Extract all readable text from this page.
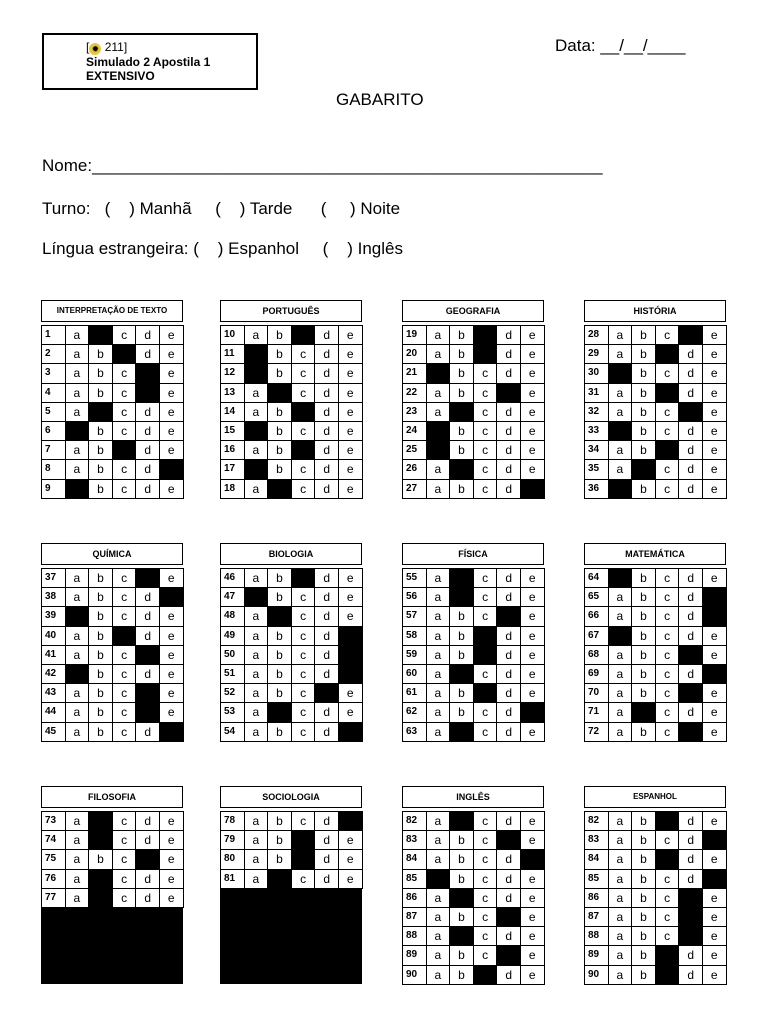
[ ✹ 211]
Simulado 2 Apostila 1
EXTENSIVO
Data: __/__/____
GABARITO
Nome:______________________________________________________
Turno:   (    ) Manhã     (    ) Tarde      (     ) Noite
Língua estrangeira: (    ) Espanhol     (    ) Inglês
INTERPRETAÇÃO DE TEXTO
1	a	c	d	e
2	a	b	d	e
3	a	b	c	e
4	a	b	c	e
5	a	c	d	e
6	b	c	d	e
7	a	b	d	e
8	a	b	c	d
9	b	c	d	e
PORTUGUÊS
10	a	b	d	e
11	b	c	d	e
12	b	c	d	e
13	a	c	d	e
14	a	b	d	e
15	b	c	d	e
16	a	b	d	e
17	b	c	d	e
18	a	c	d	e
GEOGRAFIA
19	a	b	d	e
20	a	b	d	e
21	b	c	d	e
22	a	b	c	e
23	a	c	d	e
24	b	c	d	e
25	b	c	d	e
26	a	c	d	e
27	a	b	c	d
HISTÓRIA
28	a	b	c	e
29	a	b	d	e
30	b	c	d	e
31	a	b	d	e
32	a	b	c	e
33	b	c	d	e
34	a	b	d	e
35	a	c	d	e
36	b	c	d	e
QUÍMICA
37	a	b	c	e
38	a	b	c	d
39	b	c	d	e
40	a	b	d	e
41	a	b	c	e
42	b	c	d	e
43	a	b	c	e
44	a	b	c	e
45	a	b	c	d
BIOLOGIA
46	a	b	d	e
47	b	c	d	e
48	a	c	d	e
49	a	b	c	d
50	a	b	c	d
51	a	b	c	d
52	a	b	c	e
53	a	c	d	e
54	a	b	c	d
FÍSICA
55	a	c	d	e
56	a	c	d	e
57	a	b	c	e
58	a	b	d	e
59	a	b	d	e
60	a	c	d	e
61	a	b	d	e
62	a	b	c	d
63	a	c	d	e
MATEMÁTICA
64	b	c	d	e
65	a	b	c	d
66	a	b	c	d
67	b	c	d	e
68	a	b	c	e
69	a	b	c	d
70	a	b	c	e
71	a	c	d	e
72	a	b	c	e
FILOSOFIA
73	a	c	d	e
74	a	c	d	e
75	a	b	c	e
76	a	c	d	e
77	a	c	d	e
SOCIOLOGIA
78	a	b	c	d
79	a	b	d	e
80	a	b	d	e
81	a	c	d	e
INGLÊS
82	a	c	d	e
83	a	b	c	e
84	a	b	c	d
85	b	c	d	e
86	a	c	d	e
87	a	b	c	e
88	a	c	d	e
89	a	b	c	e
90	a	b	d	e
ESPANHOL
82	a	b	d	e
83	a	b	c	d
84	a	b	d	e
85	a	b	c	d
86	a	b	c	e
87	a	b	c	e
88	a	b	c	e
89	a	b	d	e
90	a	b	d	e
